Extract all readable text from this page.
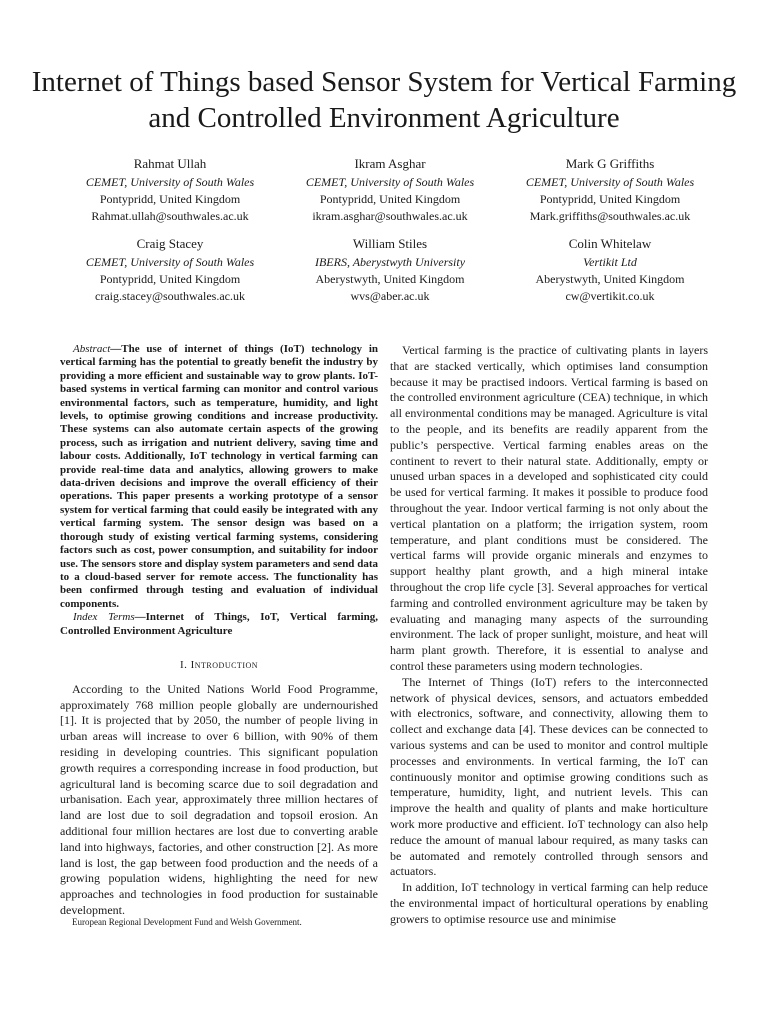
Internet of Things based Sensor System for Vertical Farming and Controlled Environment Agriculture
Rahmat Ullah
CEMET, University of South Wales
Pontypridd, United Kingdom
Rahmat.ullah@southwales.ac.uk
Ikram Asghar
CEMET, University of South Wales
Pontypridd, United Kingdom
ikram.asghar@southwales.ac.uk
Mark G Griffiths
CEMET, University of South Wales
Pontypridd, United Kingdom
Mark.griffiths@southwales.ac.uk
Craig Stacey
CEMET, University of South Wales
Pontypridd, United Kingdom
craig.stacey@southwales.ac.uk
William Stiles
IBERS, Aberystwyth University
Aberystwyth, United Kingdom
wvs@aber.ac.uk
Colin Whitelaw
Vertikit Ltd
Aberystwyth, United Kingdom
cw@vertikit.co.uk

Abstract—The use of internet of things (IoT) technology in vertical farming has the potential to greatly benefit the industry by providing a more efficient and sustainable way to grow plants. IoT-based systems in vertical farming can monitor and control various environmental factors, such as temperature, humidity, and light levels, to optimise growing conditions and increase productivity. These systems can also automate certain aspects of the growing process, such as irrigation and nutrient delivery, saving time and labour costs. Additionally, IoT technology in vertical farming can provide real-time data and analytics, allowing growers to make data-driven decisions and improve the overall efficiency of their operations. This paper presents a working prototype of a sensor system for vertical farming that could easily be integrated with any vertical farming system. The sensor design was based on a thorough study of existing vertical farming systems, considering factors such as cost, power consumption, and suitability for indoor use. The sensors store and display system parameters and send data to a cloud-based server for remote access. The functionality has been confirmed through testing and evaluation of individual components.

Index Terms—Internet of Things, IoT, Vertical farming, Controlled Environment Agriculture

I. Introduction

According to the United Nations World Food Programme, approximately 768 million people globally are undernourished [1]. It is projected that by 2050, the number of people living in urban areas will increase to over 6 billion, with 90% of them residing in developing countries. This significant population growth requires a corresponding increase in food production, but agricultural land is becoming scarce due to soil degradation and urbanisation. Each year, approximately three million hectares of land are lost due to soil degradation and topsoil erosion. An additional four million hectares are lost due to converting arable land into highways, factories, and other construction [2]. As more land is lost, the gap between food production and the needs of a growing population widens, highlighting the need for new approaches and technologies in food production for sustainable development.

European Regional Development Fund and Welsh Government.

Vertical farming is the practice of cultivating plants in layers that are stacked vertically, which optimises land consumption because it may be practised indoors. Vertical farming is based on the controlled environment agriculture (CEA) technique, in which all environmental conditions may be managed. Agriculture is vital to the people, and its benefits are readily apparent from the public’s perspective. Vertical farming enables areas on the continent to revert to their natural state. Additionally, empty or unused urban spaces in a developed and sophisticated city could be used for vertical farming. It makes it possible to produce food throughout the year. Indoor vertical farming is not only about the vertical plantation on a platform; the irrigation system, room temperature, and plant conditions must be considered. The vertical farms will provide organic minerals and enzymes to support healthy plant growth, and a high mineral intake throughout the crop life cycle [3]. Several approaches for vertical farming and controlled environment agriculture may be taken by evaluating and managing many aspects of the surrounding environment. The lack of proper sunlight, moisture, and heat will harm plant growth. Therefore, it is essential to analyse and control these parameters using modern technologies.

The Internet of Things (IoT) refers to the interconnected network of physical devices, sensors, and actuators embedded with electronics, software, and connectivity, allowing them to collect and exchange data [4]. These devices can be connected to various systems and can be used to monitor and control multiple processes and environments. In vertical farming, the IoT can continuously monitor and optimise growing conditions such as temperature, humidity, light, and nutrient levels. This can improve the health and quality of plants and make horticulture work more productive and efficient. IoT technology can also help reduce the amount of manual labour required, as many tasks can be automated and remotely controlled through sensors and actuators.

In addition, IoT technology in vertical farming can help reduce the environmental impact of horticultural operations by enabling growers to optimise resource use and minimise
